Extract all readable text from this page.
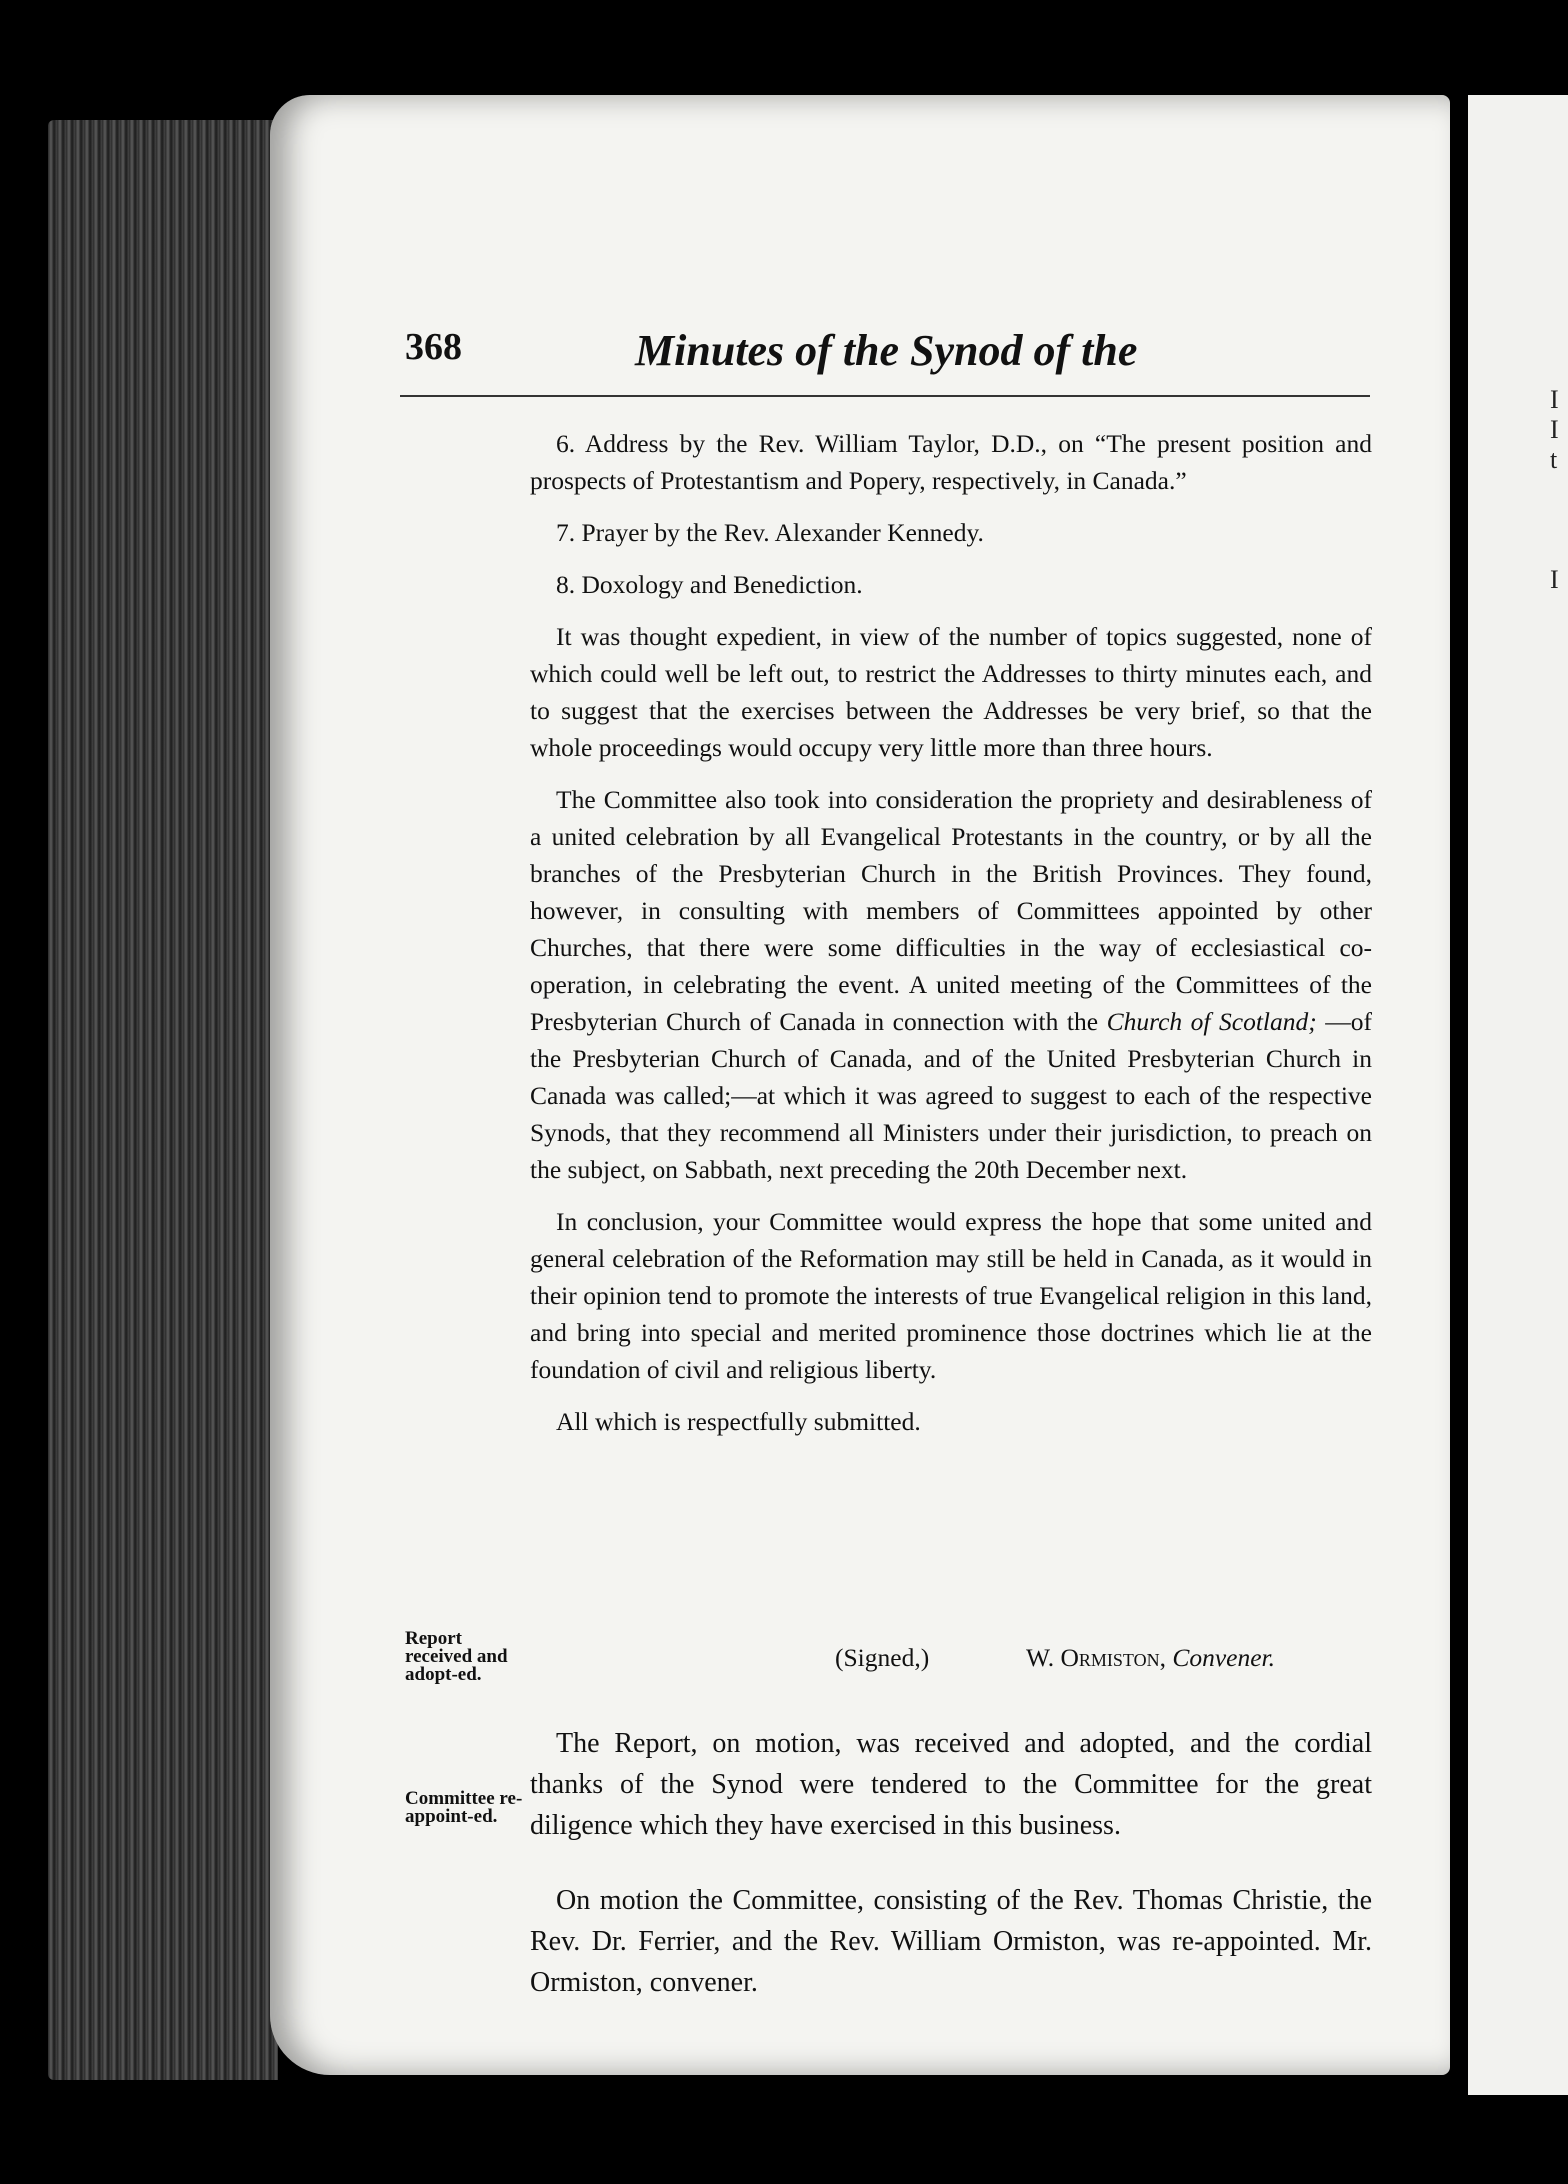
I
I
t
I
368	Minutes of the Synod of the

6. Address by the Rev. William Taylor, D.D., on “The present position and prospects of Protestantism and Popery, respectively, in Canada.”

7. Prayer by the Rev. Alexander Kennedy.

8. Doxology and Benediction.

It was thought expedient, in view of the number of topics suggested, none of which could well be left out, to restrict the Addresses to thirty minutes each, and to suggest that the exercises between the Addresses be very brief, so that the whole proceedings would occupy very little more than three hours.

The Committee also took into consideration the propriety and desirableness of a united celebration by all Evangelical Protestants in the country, or by all the branches of the Presbyterian Church in the British Provinces. They found, however, in consulting with members of Committees appointed by other Churches, that there were some difficulties in the way of ecclesiastical co-operation, in celebrating the event. A united meeting of the Committees of the Presbyterian Church of Canada in connection with the Church of Scotland; —of the Presbyterian Church of Canada, and of the United Presbyterian Church in Canada was called;—at which it was agreed to suggest to each of the respective Synods, that they recommend all Ministers under their jurisdiction, to preach on the subject, on Sabbath, next preceding the 20th December next.

In conclusion, your Committee would express the hope that some united and general celebration of the Reformation may still be held in Canada, as it would in their opinion tend to promote the interests of true Evangelical religion in this land, and bring into special and merited prominence those doctrines which lie at the foundation of civil and religious liberty.

All which is respectfully submitted.

(Signed,)	W. Ormiston, Convener.
Report received and adopt-ed.

The Report, on motion, was received and adopted, and the cordial thanks of the Synod were tendered to the Committee for the great diligence which they have exercised in this business.

Committee re-appoint-ed.

On motion the Committee, consisting of the Rev. Thomas Christie, the Rev. Dr. Ferrier, and the Rev. William Ormiston, was re-appointed. Mr. Ormiston, convener.
